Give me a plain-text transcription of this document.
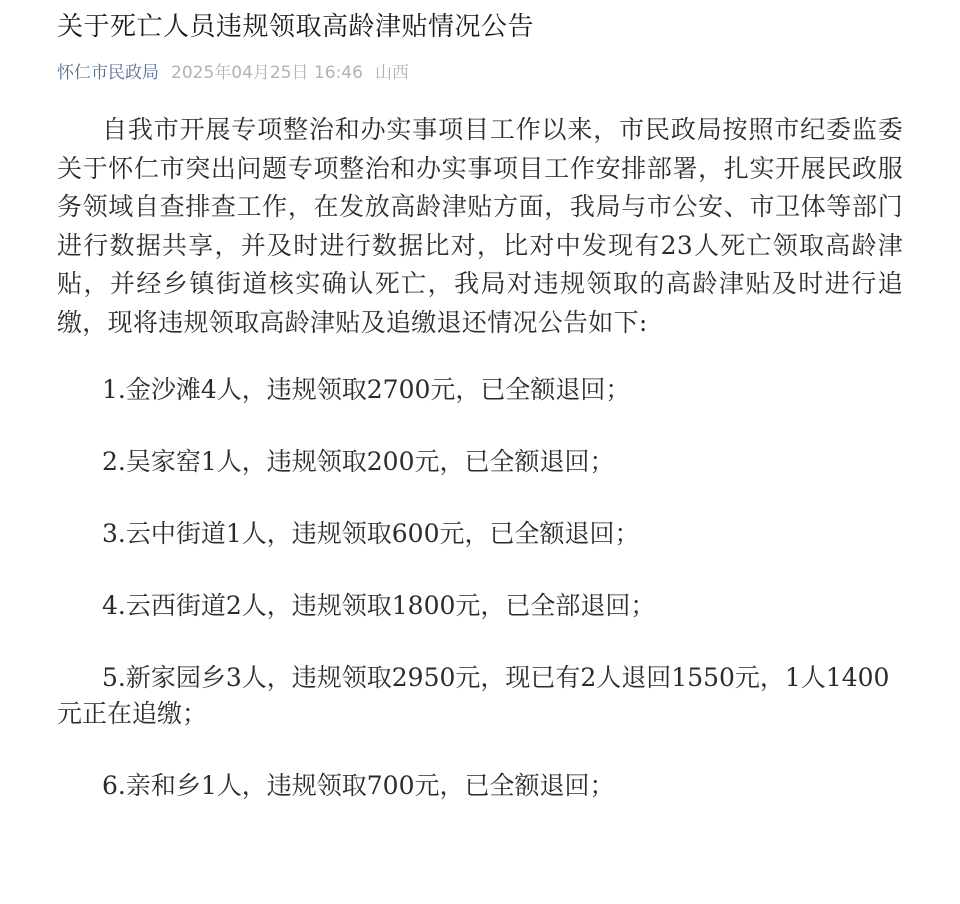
关于死亡人员违规领取高龄津贴情况公告
怀仁市民政局 2025年04月25日 16:46 山西

自我市开展专项整治和办实事项目工作以来，市民政局按照市纪委监委关于怀仁市突出问题专项整治和办实事项目工作安排部署，扎实开展民政服务领域自查排查工作，在发放高龄津贴方面，我局与市公安、市卫体等部门进行数据共享，并及时进行数据比对，比对中发现有23人死亡领取高龄津贴，并经乡镇街道核实确认死亡，我局对违规领取的高龄津贴及时进行追缴，现将违规领取高龄津贴及追缴退还情况公告如下:

1.金沙滩4人，违规领取2700元，已全额退回；

2.吴家窑1人，违规领取200元，已全额退回；

3.云中街道1人，违规领取600元，已全额退回；

4.云西街道2人，违规领取1800元，已全部退回；

5.新家园乡3人，违规领取2950元，现已有2人退回1550元，1人1400元正在追缴；

6.亲和乡1人，违规领取700元，已全额退回；
